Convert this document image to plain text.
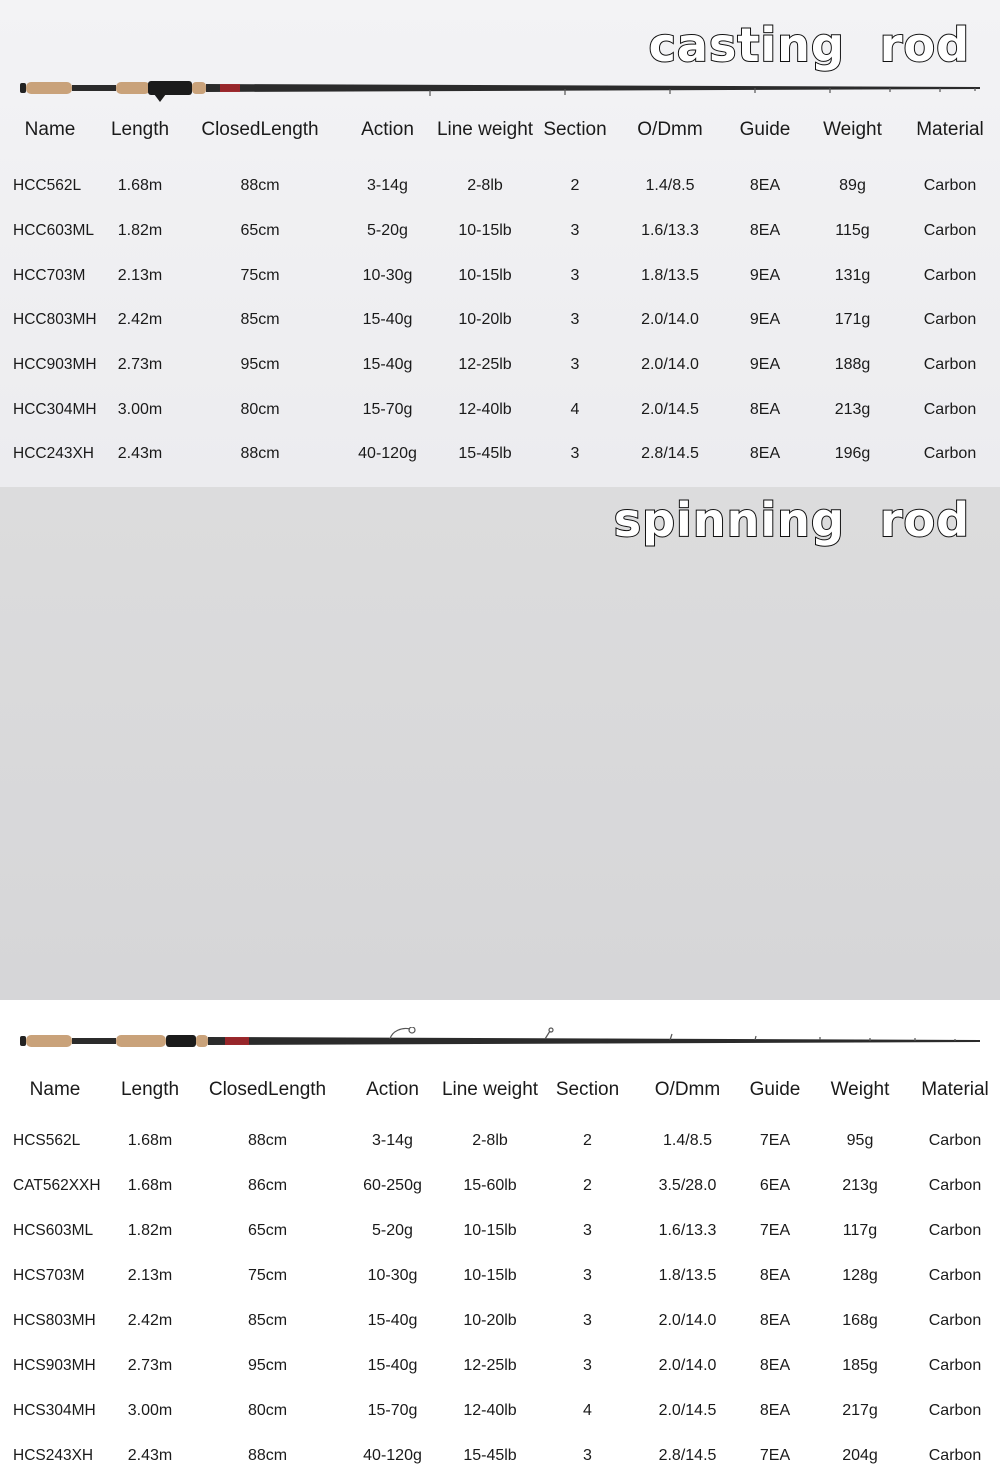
casting rod
Name	Length	ClosedLength	Action	Line weight	Section	O/Dmm	Guide	Weight	Material

HCC562L	1.68m	88cm	3-14g	2-8lb	2	1.4/8.5	8EA	89g	Carbon
HCC603ML	1.82m	65cm	5-20g	10-15lb	3	1.6/13.3	8EA	115g	Carbon
HCC703M	2.13m	75cm	10-30g	10-15lb	3	1.8/13.5	9EA	131g	Carbon
HCC803MH	2.42m	85cm	15-40g	10-20lb	3	2.0/14.0	9EA	171g	Carbon
HCC903MH	2.73m	95cm	15-40g	12-25lb	3	2.0/14.0	9EA	188g	Carbon
HCC304MH	3.00m	80cm	15-70g	12-40lb	4	2.0/14.5	8EA	213g	Carbon
HCC243XH	2.43m	88cm	40-120g	15-45lb	3	2.8/14.5	8EA	196g	Carbon
spinning rod
Name	Length	ClosedLength	Action	Line weight	Section	O/Dmm	Guide	Weight	Material

HCS562L	1.68m	88cm	3-14g	2-8lb	2	1.4/8.5	7EA	95g	Carbon
CAT562XXH	1.68m	86cm	60-250g	15-60lb	2	3.5/28.0	6EA	213g	Carbon
HCS603ML	1.82m	65cm	5-20g	10-15lb	3	1.6/13.3	7EA	117g	Carbon
HCS703M	2.13m	75cm	10-30g	10-15lb	3	1.8/13.5	8EA	128g	Carbon
HCS803MH	2.42m	85cm	15-40g	10-20lb	3	2.0/14.0	8EA	168g	Carbon
HCS903MH	2.73m	95cm	15-40g	12-25lb	3	2.0/14.0	8EA	185g	Carbon
HCS304MH	3.00m	80cm	15-70g	12-40lb	4	2.0/14.5	8EA	217g	Carbon
HCS243XH	2.43m	88cm	40-120g	15-45lb	3	2.8/14.5	7EA	204g	Carbon
